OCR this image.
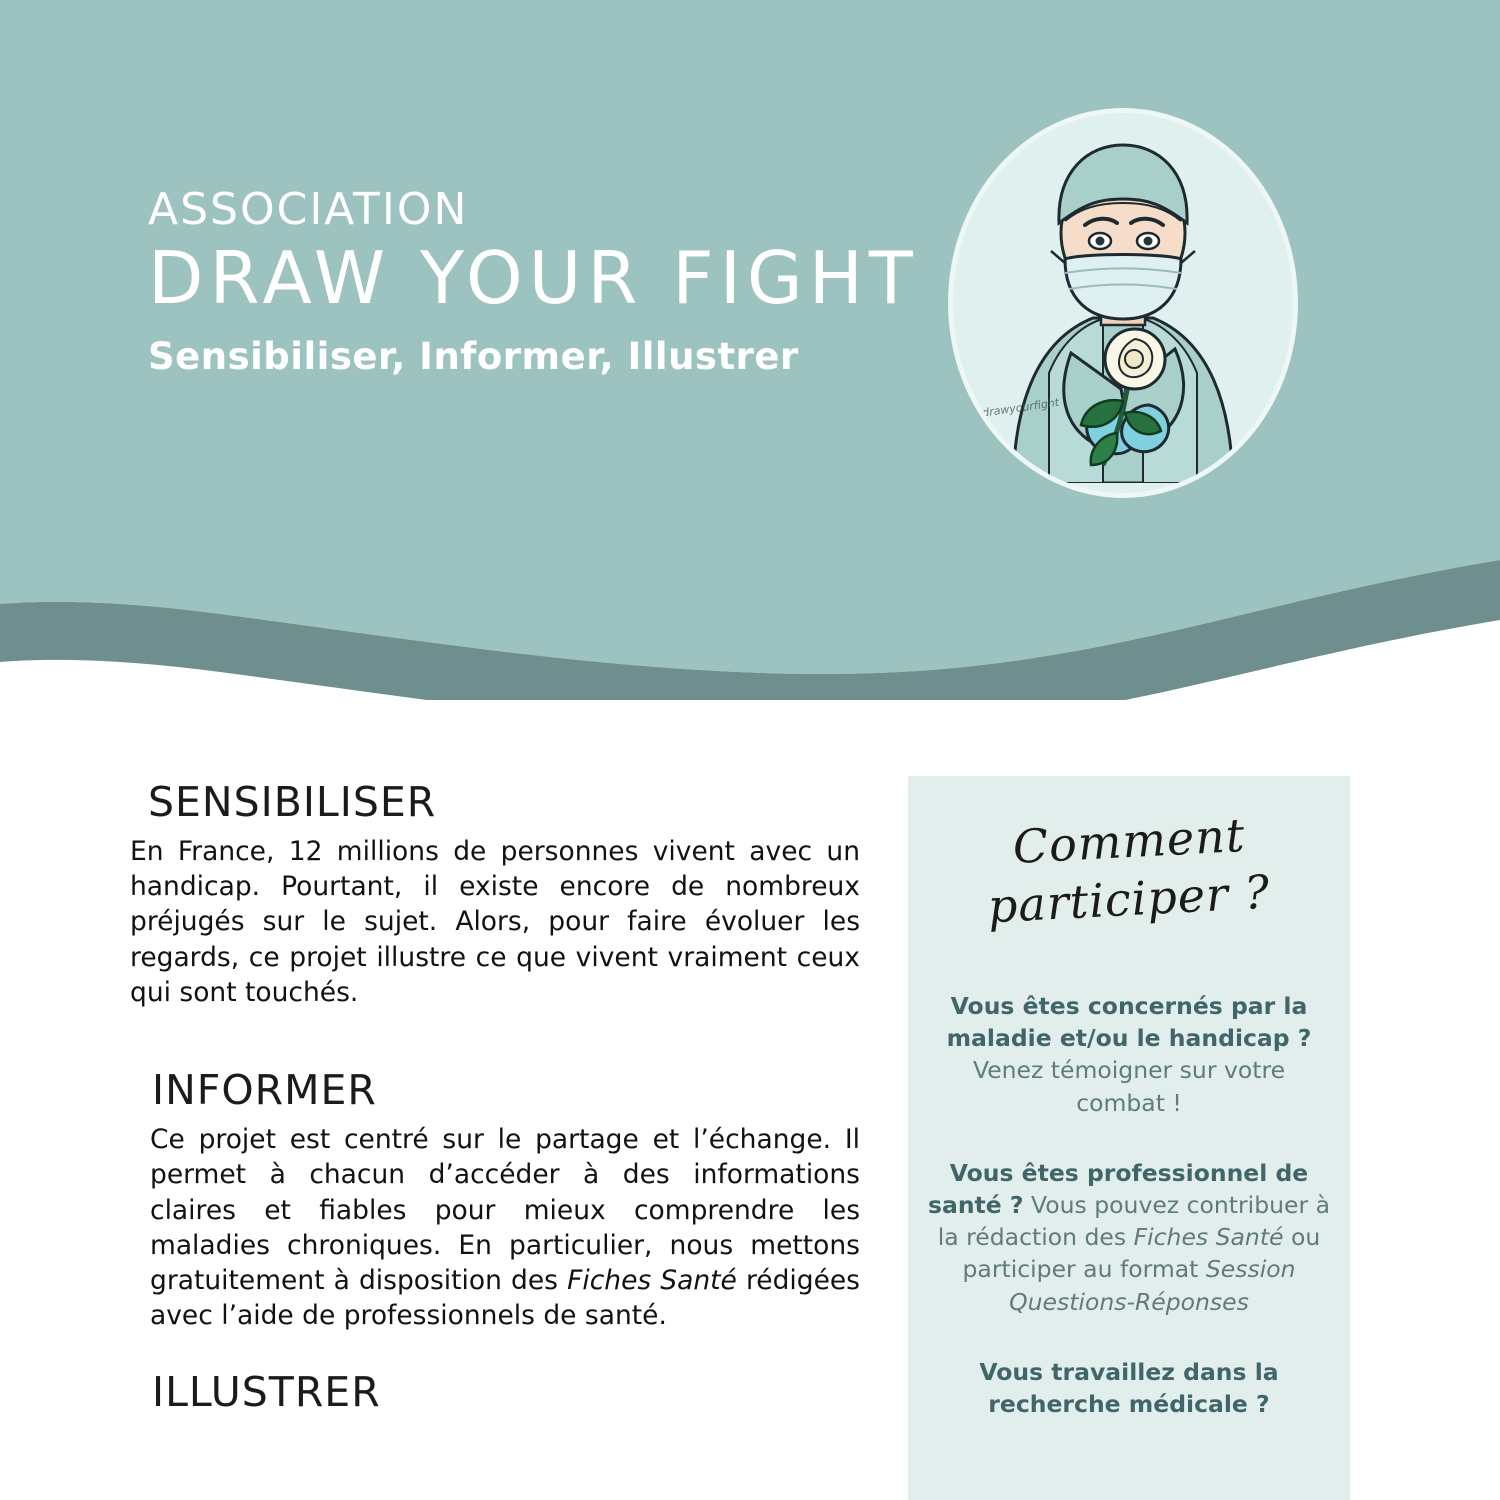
ASSOCIATION
DRAW YOUR FIGHT
Sensibiliser, Informer, Illustrer
@drawyourfight
SENSIBILISER

En France, 12 millions de personnes vivent avec un handicap. Pourtant, il existe encore de nombreux préjugés sur le sujet. Alors, pour faire évoluer les regards, ce projet illustre ce que vivent vraiment ceux qui sont touchés.

INFORMER

Ce projet est centré sur le partage et l’échange. Il permet à chacun d’accéder à des informations claires et fiables pour mieux comprendre les maladies chroniques. En particulier, nous mettons gratuitement à disposition des Fiches Santé rédigées avec l’aide de professionnels de santé.

ILLUSTRER
Comment
participer ?

Vous êtes concernés par la maladie et/ou le handicap ? Venez témoigner sur votre combat !

Vous êtes professionnel de santé ? Vous pouvez contribuer à la rédaction des Fiches Santé ou participer au format Session Questions-Réponses

Vous travaillez dans la recherche médicale ?
